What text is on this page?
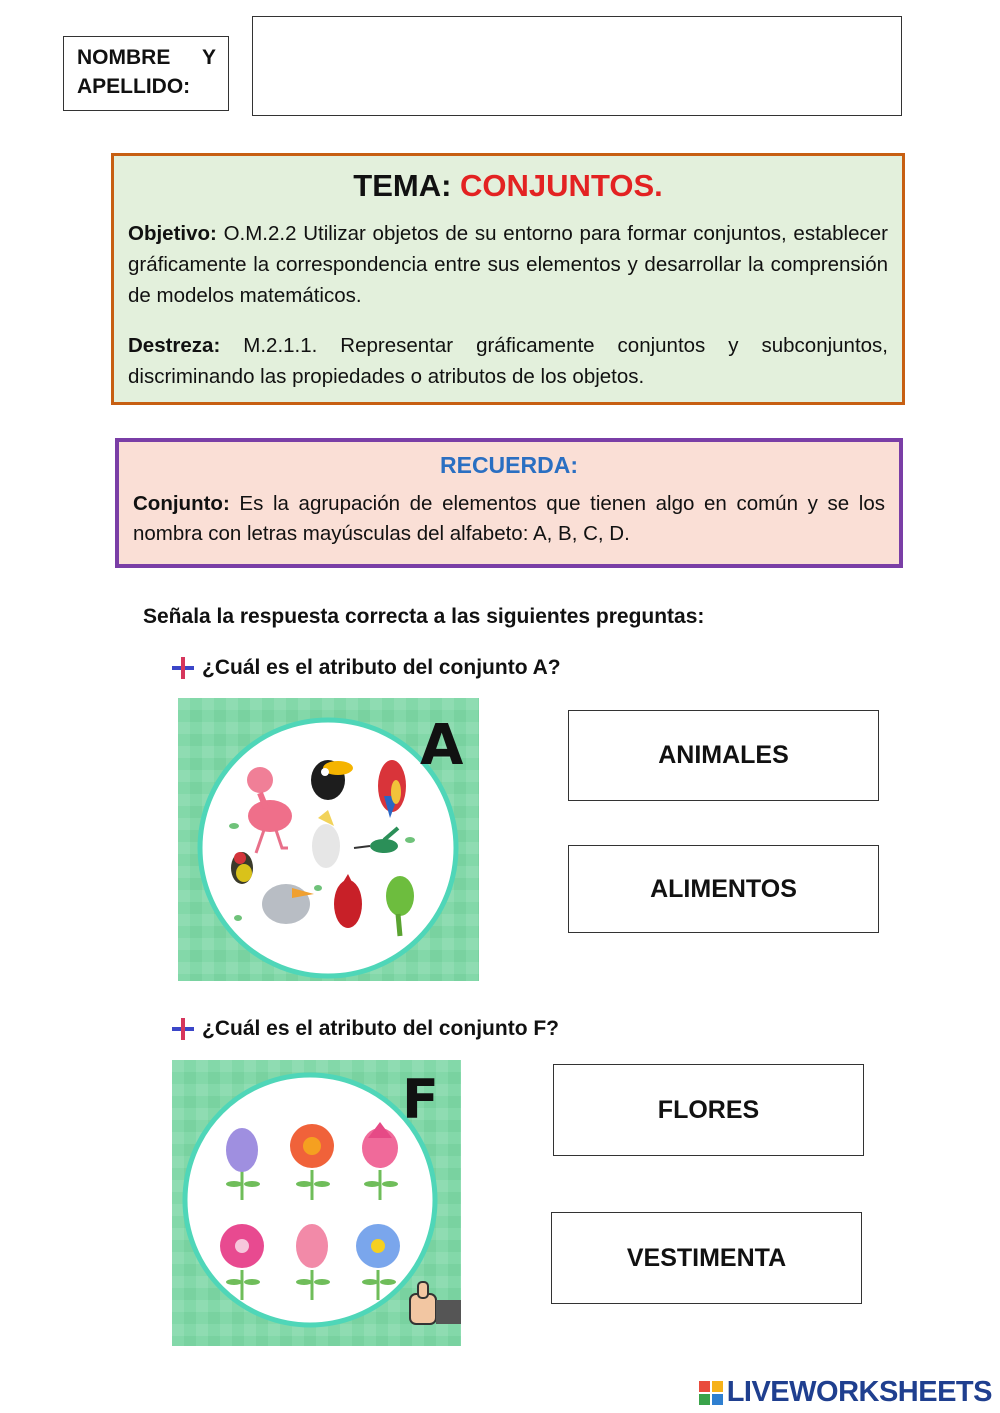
NOMBRE Y
APELLIDO:
TEMA: CONJUNTOS.
Objetivo: O.M.2.2 Utilizar objetos de su entorno para formar conjuntos, establecer gráficamente la correspondencia entre sus elementos y desarrollar la comprensión de modelos matemáticos.
Destreza: M.2.1.1. Representar gráficamente conjuntos y subconjuntos, discriminando las propiedades o atributos de los objetos.
RECUERDA:
Conjunto: Es la agrupación de elementos que tienen algo en común y se los nombra con letras mayúsculas del alfabeto: A, B, C, D.
Señala la respuesta correcta a las siguientes preguntas:
¿Cuál es el atributo del conjunto A?
A	ANIMALES
ALIMENTOS
¿Cuál es el atributo del conjunto F?
F	FLORES
VESTIMENTA
LIVEWORKSHEETS
